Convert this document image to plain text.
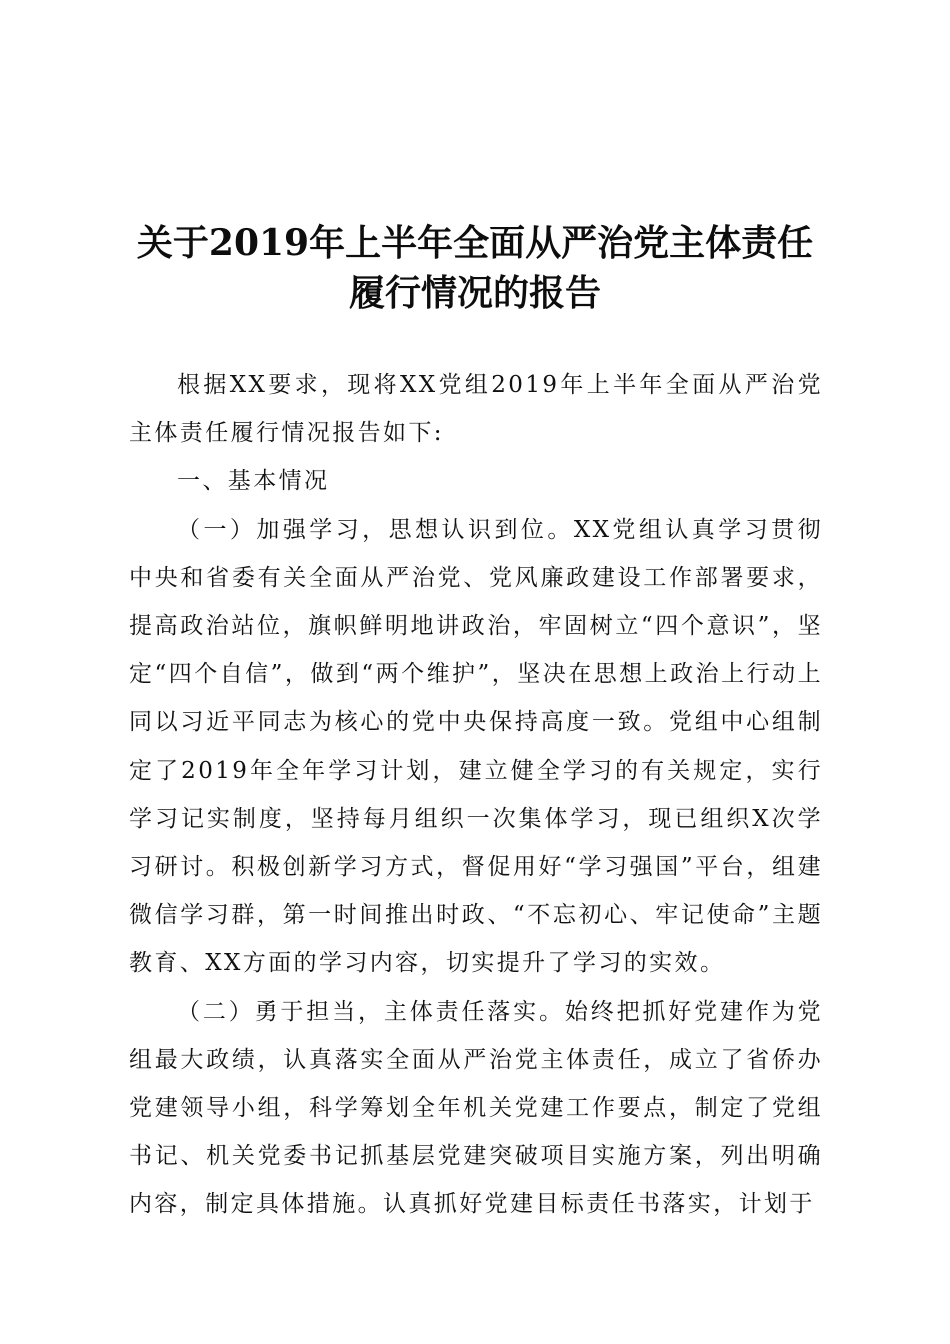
关于2019年上半年全面从严治党主体责任
履行情况的报告

根据XX要求，现将XX党组2019年上半年全面从严治党主体责任履行情况报告如下:

一、基本情况

（一）加强学习，思想认识到位。XX党组认真学习贯彻中央和省委有关全面从严治党、党风廉政建设工作部署要求，提高政治站位，旗帜鲜明地讲政治，牢固树立“四个意识”，坚定“四个自信”，做到“两个维护”，坚决在思想上政治上行动上同以习近平同志为核心的党中央保持高度一致。党组中心组制定了2019年全年学习计划，建立健全学习的有关规定，实行学习记实制度，坚持每月组织一次集体学习，现已组织X次学习研讨。积极创新学习方式，督促用好“学习强国”平台，组建微信学习群，第一时间推出时政、“不忘初心、牢记使命”主题教育、XX方面的学习内容，切实提升了学习的实效。

（二）勇于担当，主体责任落实。始终把抓好党建作为党组最大政绩，认真落实全面从严治党主体责任，成立了省侨办党建领导小组，科学筹划全年机关党建工作要点，制定了党组书记、机关党委书记抓基层党建突破项目实施方案，列出明确内容，制定具体措施。认真抓好党建目标责任书落实，计划于
